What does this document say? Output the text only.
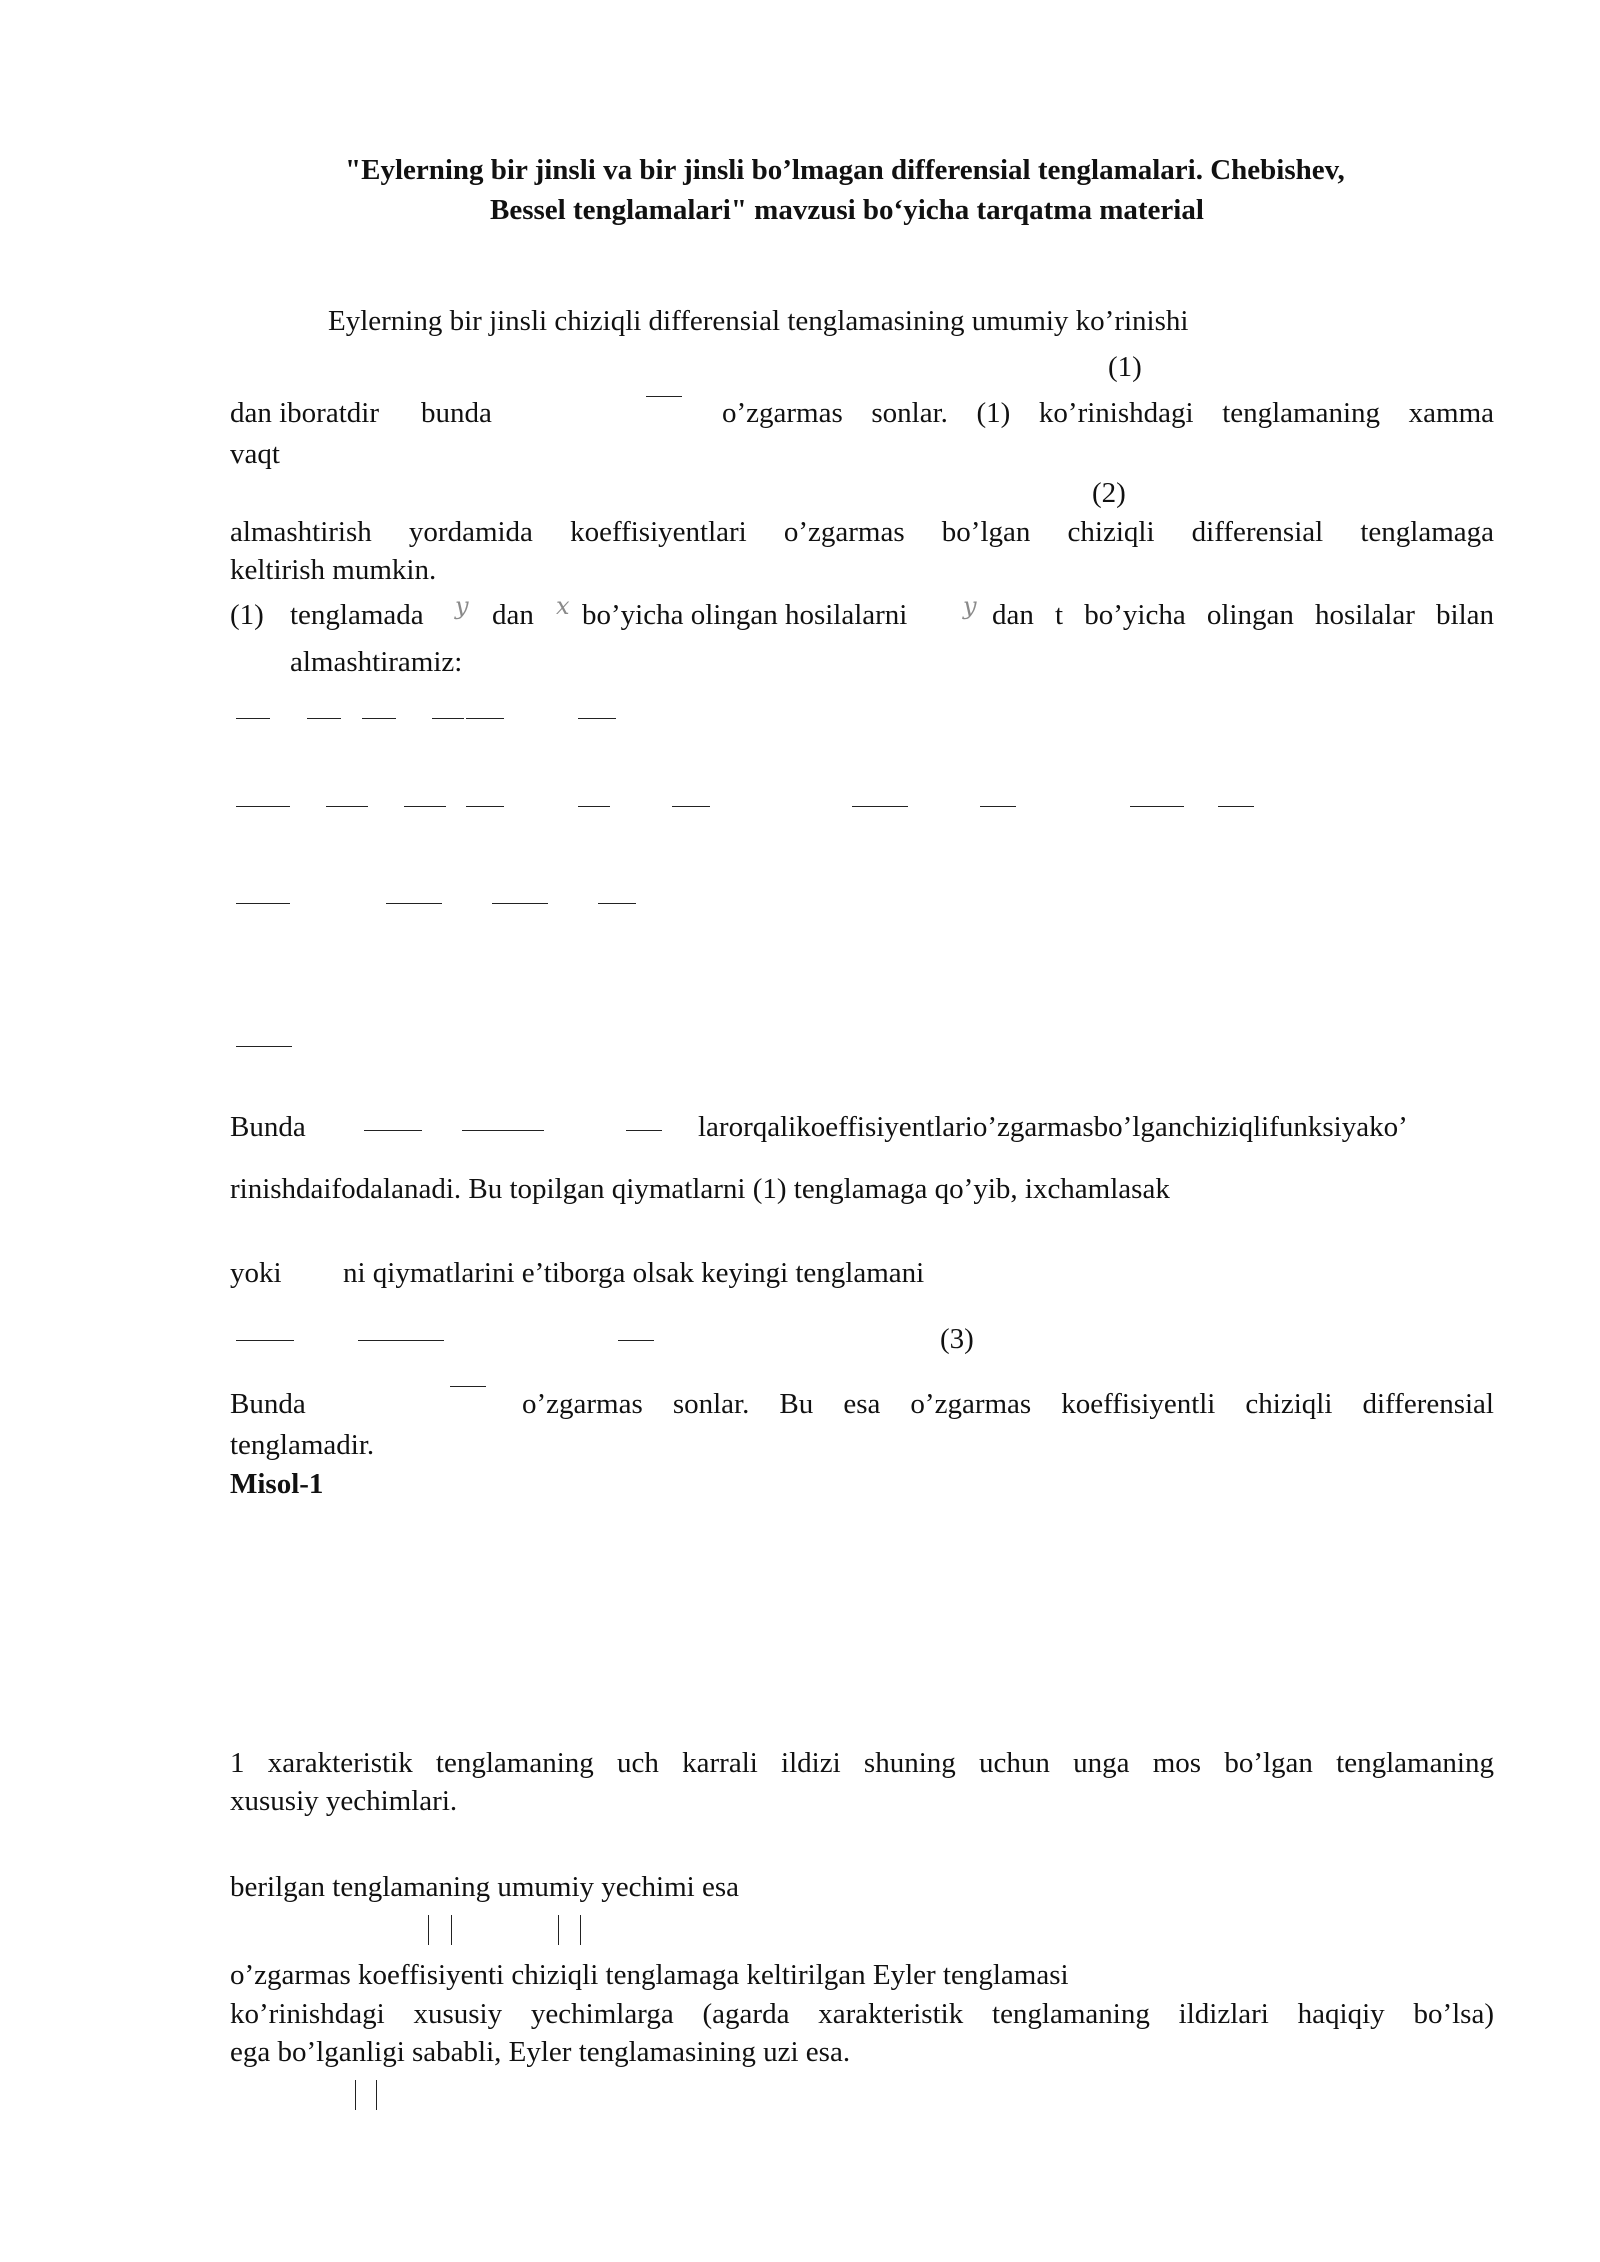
"Eylerning bir jinsli va bir jinsli bo’lmagan differensial tenglamalari. Chebishev,
Bessel tenglamalari" mavzusi bo‘yicha tarqatma material
Eylerning bir jinsli chiziqli differensial tenglamasining umumiy ko’rinishi
(1)
dan iboratdir bunda	o’zgarmas sonlar. (1) ko’rinishdagi tenglamaning xamma
vaqt
(2)
almashtirish yordamida koeffisiyentlari o’zgarmas bo’lgan chiziqli differensial tenglamaga
keltirish mumkin.
(1) tenglamada y dan x bo’yicha olingan hosilalarni y dan t bo’yicha olingan hosilalar bilan
almashtiramiz:
Bunda	larorqalikoeffisiyentlario’zgarmasbo’lganchiziqlifunksiyako’
rinishdaifodalanadi. Bu topilgan qiymatlarni (1) tenglamaga qo’yib, ixchamlasak
yoki ni qiymatlarini e’tiborga olsak keyingi tenglamani
(3)
Bunda	o’zgarmas sonlar. Bu esa o’zgarmas koeffisiyentli chiziqli differensial
tenglamadir.
Misol-1
1 xarakteristik tenglamaning uch karrali ildizi shuning uchun unga mos bo’lgan tenglamaning
xususiy yechimlari.
berilgan tenglamaning umumiy yechimi esa
o’zgarmas koeffisiyenti chiziqli tenglamaga keltirilgan Eyler tenglamasi
ko’rinishdagi xususiy yechimlarga (agarda xarakteristik tenglamaning ildizlari haqiqiy bo’lsa)
ega bo’lganligi sababli, Eyler tenglamasining uzi esa.
